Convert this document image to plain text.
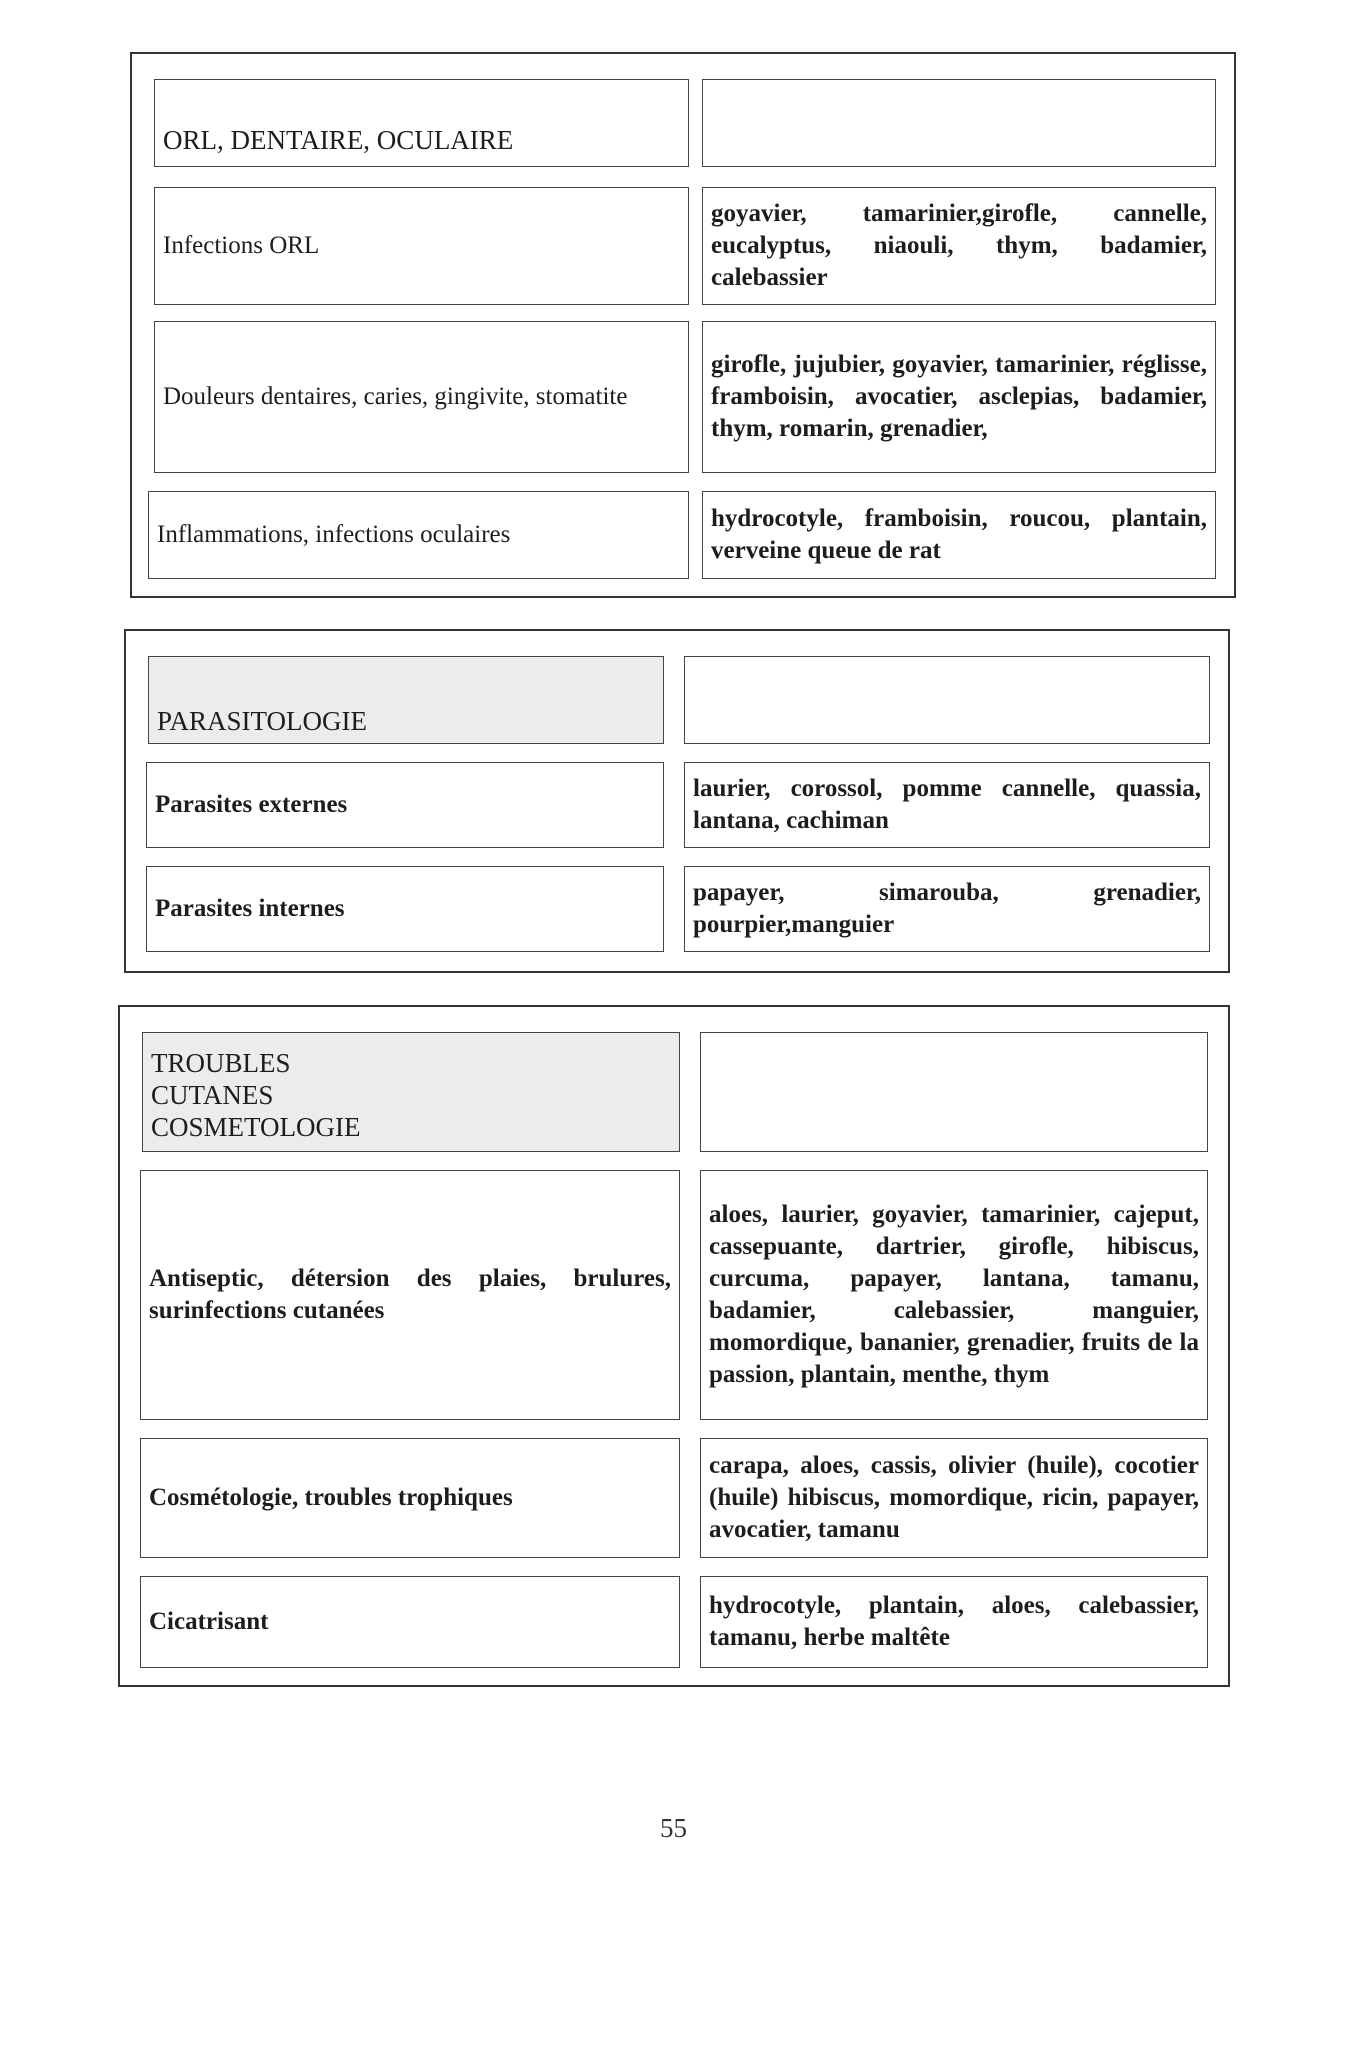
ORL, DENTAIRE, OCULAIRE
Infections ORL
goyavier, tamarinier,girofle, cannelle, eucalyptus, niaouli, thym, badamier, calebassier
Douleurs dentaires, caries, gingivite, stomatite
girofle, jujubier, goyavier, tamarinier, réglisse, framboisin, avocatier, asclepias, badamier, thym, romarin, grenadier,
Inflammations, infections oculaires
hydrocotyle, framboisin, roucou, plantain, verveine queue de rat
PARASITOLOGIE
Parasites externes
laurier, corossol, pomme cannelle, quassia, lantana, cachiman
Parasites internes
papayer, simarouba, grenadier, pourpier,manguier
TROUBLES
CUTANES
COSMETOLOGIE
Antiseptic, détersion des plaies, brulures, surinfections cutanées
aloes, laurier, goyavier, tamarinier, cajeput, cassepuante, dartrier, girofle, hibiscus, curcuma, papayer, lantana, tamanu, badamier, calebassier, manguier, momordique, bananier, grenadier, fruits de la passion, plantain, menthe, thym
Cosmétologie, troubles trophiques
carapa, aloes, cassis, olivier (huile), cocotier (huile) hibiscus, momordique, ricin, papayer, avocatier, tamanu
Cicatrisant
hydrocotyle, plantain, aloes, calebassier, tamanu, herbe maltête
55
